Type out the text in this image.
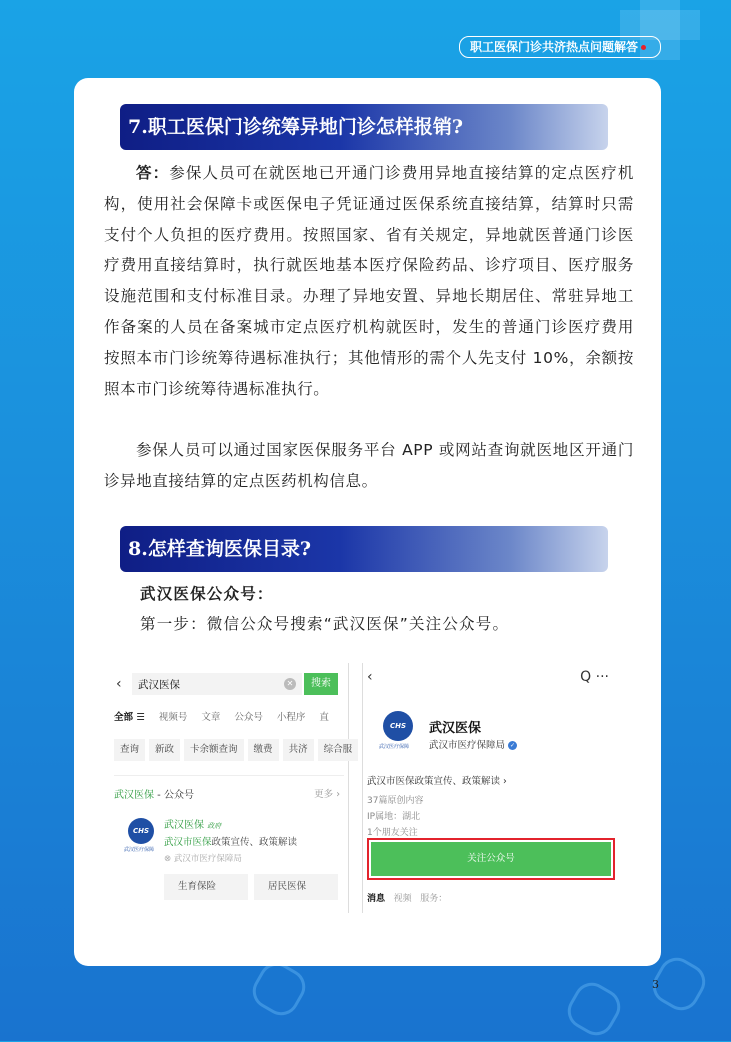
职工医保门诊共济热点问题解答
7.职工医保门诊统筹异地门诊怎样报销?

答：参保人员可在就医地已开通门诊费用异地直接结算的定点医疗机构，使用社会保障卡或医保电子凭证通过医保系统直接结算，结算时只需支付个人负担的医疗费用。按照国家、省有关规定，异地就医普通门诊医疗费用直接结算时，执行就医地基本医疗保险药品、诊疗项目、医疗服务设施范围和支付标准目录。办理了异地安置、异地长期居住、常驻异地工作备案的人员在备案城市定点医疗机构就医时，发生的普通门诊医疗费用按照本市门诊统筹待遇标准执行；其他情形的需个人先支付 10%，余额按照本市门诊统筹待遇标准执行。

参保人员可以通过国家医保服务平台 APP 或网站查询就医地区开通门诊异地直接结算的定点医药机构信息。

8.怎样查询医保目录?
武汉医保公众号：
第一步：微信公众号搜索“武汉医保”关注公众号。
‹	武汉医保	✕	搜索
全部 ☰ 视频号 文章 公众号 小程序 直
查询	新政	卡余额查询	缴费	共济	综合服
武汉医保 - 公众号	更多 ›
CHS
武汉医疗保障
武汉医保 政府
武汉市医保政策宣传、政策解读
⊗ 武汉市医疗保障局
生育保险	居民医保
‹	Q ···
CHS
武汉医疗保障
武汉医保
武汉市医疗保障局 ✓
武汉市医保政策宣传、政策解读 ›
37篇原创内容
IP属地：湖北
1个朋友关注
关注公众号
消息 视频 服务：
3
